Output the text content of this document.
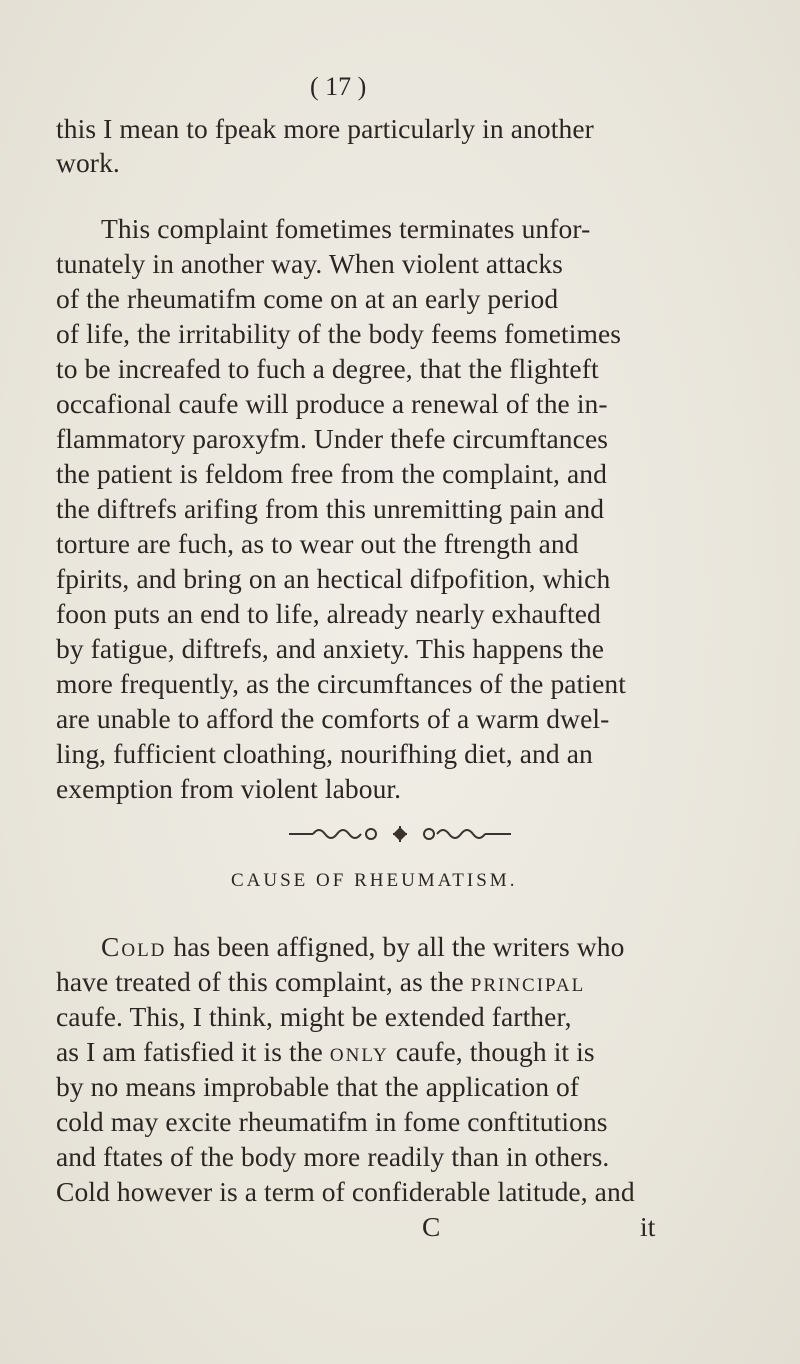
( 17 )
this I mean to fpeak more particularly in another
work.
This complaint fometimes terminates unfor-
tunately in another way. When violent attacks
of the rheumatifm come on at an early period
of life, the irritability of the body feems fometimes
to be increafed to fuch a degree, that the flighteft
occafional caufe will produce a renewal of the in-
flammatory paroxyfm. Under thefe circumftances
the patient is feldom free from the complaint, and
the diftrefs arifing from this unremitting pain and
torture are fuch, as to wear out the ftrength and
fpirits, and bring on an hectical difpofition, which
foon puts an end to life, already nearly exhaufted
by fatigue, diftrefs, and anxiety. This happens the
more frequently, as the circumftances of the patient
are unable to afford the comforts of a warm dwel-
ling, fufficient cloathing, nourifhing diet, and an
exemption from violent labour.
CAUSE OF RHEUMATISM.
Cold has been affigned, by all the writers who
have treated of this complaint, as the principal
caufe. This, I think, might be extended farther,
as I am fatisfied it is the only caufe, though it is
by no means improbable that the application of
cold may excite rheumatifm in fome conftitutions
and ftates of the body more readily than in others.
Cold however is a term of confiderable latitude, and
C	it
